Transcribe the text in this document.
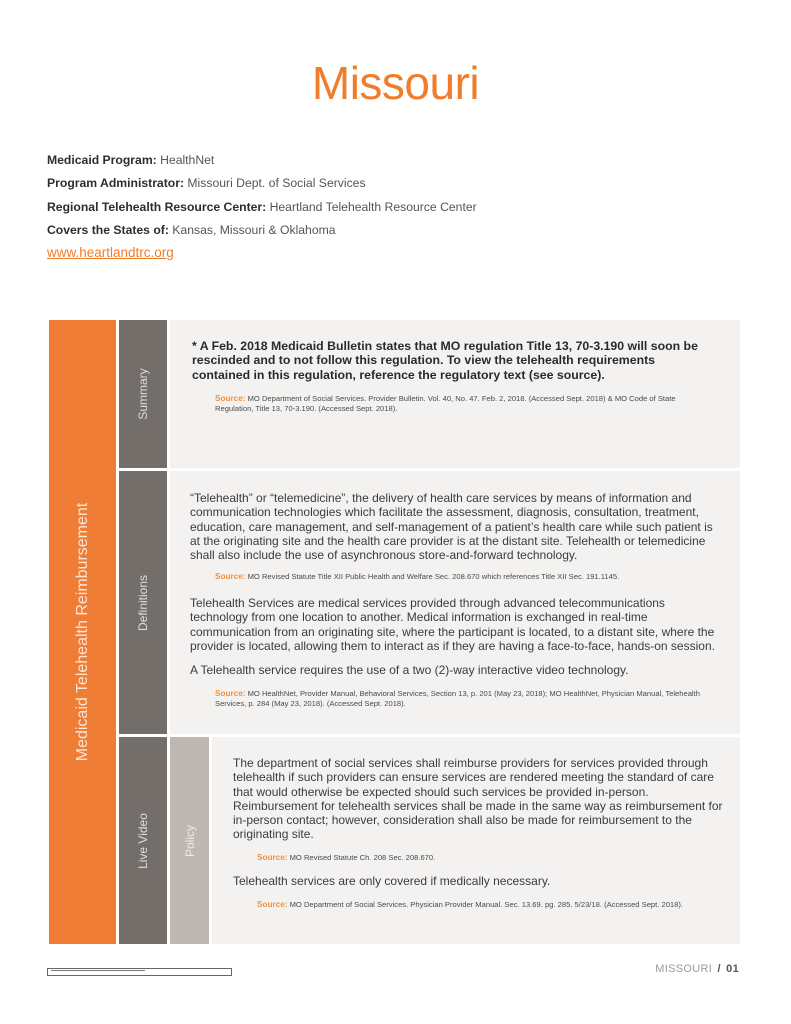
Missouri
Medicaid Program: HealthNet
Program Administrator: Missouri Dept. of Social Services
Regional Telehealth Resource Center: Heartland Telehealth Resource Center
Covers the States of: Kansas, Missouri & Oklahoma
www.heartlandtrc.org
Medicaid Telehealth Reimbursement
Summary

* A Feb. 2018 Medicaid Bulletin states that MO regulation Title 13, 70-3.190 will soon be rescinded and to not follow this regulation. To view the telehealth requirements contained in this regulation, reference the regulatory text (see source).

Source: MO Department of Social Services. Provider Bulletin. Vol. 40, No. 47. Feb. 2, 2018. (Accessed Sept. 2018) & MO Code of State Regulation, Title 13, 70-3.190. (Accessed Sept. 2018).

Definitions

“Telehealth” or “telemedicine”, the delivery of health care services by means of information and communication technologies which facilitate the assessment, diagnosis, consultation, treatment, education, care management, and self-management of a patient’s health care while such patient is at the originating site and the health care provider is at the distant site. Telehealth or telemedicine shall also include the use of asynchronous store-and-forward technology.

Source: MO Revised Statute Title XII Public Health and Welfare Sec. 208.670 which references Title XII Sec. 191.1145.

Telehealth Services are medical services provided through advanced telecommunications technology from one location to another. Medical information is exchanged in real-time communication from an originating site, where the participant is located, to a distant site, where the provider is located, allowing them to interact as if they are having a face-to-face, hands-on session.

A Telehealth service requires the use of a two (2)-way interactive video technology.

Source: MO HealthNet, Provider Manual, Behavioral Services, Section 13, p. 201 (May 23, 2018); MO HealthNet, Physician Manual, Telehealth Services, p. 284 (May 23, 2018). (Accessed Sept. 2018).

Live Video	Policy

The department of social services shall reimburse providers for services provided through telehealth if such providers can ensure services are rendered meeting the standard of care that would otherwise be expected should such services be provided in-person. Reimbursement for telehealth services shall be made in the same way as reimbursement for in-person contact; however, consideration shall also be made for reimbursement to the originating site.

Source: MO Revised Statute Ch. 208 Sec. 208.670.

Telehealth services are only covered if medically necessary.

Source: MO Department of Social Services. Physician Provider Manual. Sec. 13.69. pg. 285. 5/23/18. (Accessed Sept. 2018).

▬▬▬▬▬▬▬▬▬▬▬▬▬▬▬▬▬▬▬▬▬▬▬▬▬▬▬▬▬▬▬▬▬▬▬▬▬▬▬▬▬▬▬▬▬▬▬	MISSOURI / 01
